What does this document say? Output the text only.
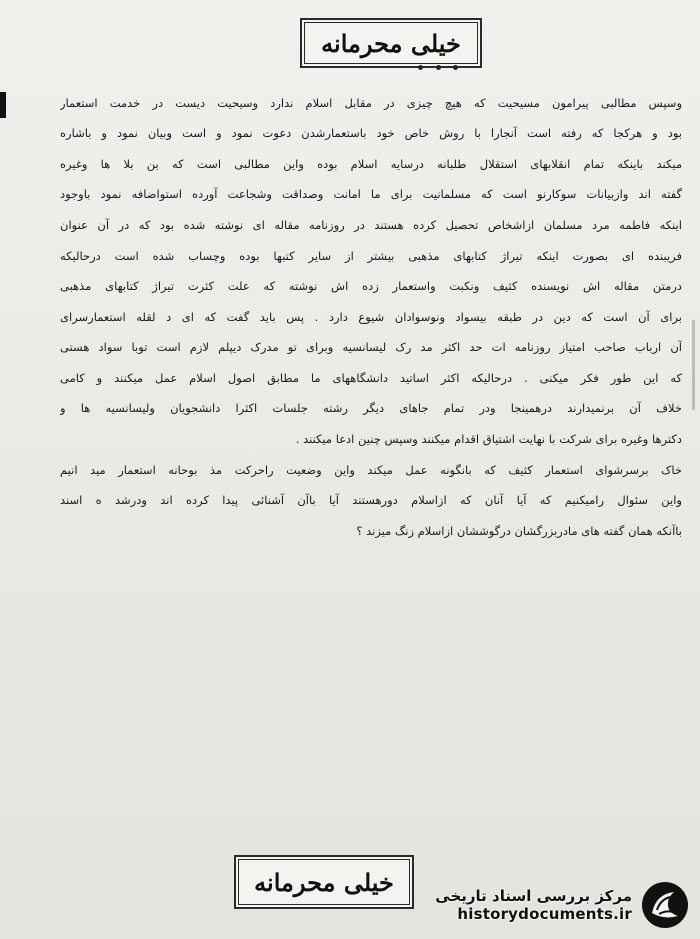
خیلی محرمانه
وسپس مطالبی پیرامون مسیحیت که هیچ چیزی در مقابل اسلام ندارد وسیحیت دیست در خدمت استعمار
بود و هرکجا که رفته است آنجارا با روش خاص خود باستعمارشدن دعوت نمود و است وبیان نمود و باشاره
میکند باینکه تمام انقلابهای استقلال طلبانه درسایه اسلام بوده واین مطالبی است که بن بلا ها وغیره
گفته اند وازبیانات سوکارنو است که مسلمانیت برای ما امانت وصداقت وشجاعت آورده استواضافه نمود باوجود
اینکه فاطمه مرد مسلمان ازاشخاص تحصیل کرده هستند در روزنامه مقاله ای نوشته شده بود که در آن عنوان
فریبنده ای بصورت اینکه تیراژ کتابهای مذهبی بیشتر از سایر کتبها بوده وچساب شده است درحالیکه
درمتن مقاله اش نویسنده کثیف ونکبت واستعمار زده اش نوشته که علت کثرت تیراژ کتابهای مذهبی
برای آن است که دین در طبقه بیسواد ونوسوادان شیوع دارد . پس باید گفت که ای د لقله استعمارسرای
آن ارباب صاحب امتیاز روزنامه ات حد اکثر مد رک لیسانسیه وبرای تو مدرک دیپلم لازم است توبا سواد هستی
که این طور فکر میکنی . درحالیکه اکثر اساتید دانشگاههای ما مطابق اصول اسلام عمل میکنند و کامی
خلاف آن برنمیدارند درهمینجا ودر تمام جاهای دیگر رشته جلسات اکثرا دانشجویان ولیسانسیه ها و
دکترها وغیره برای شرکت با نهایت اشتیاق اقدام میکنند وسپس چنین ادعا میکنند .
خاک برسرشوای استعمار کثیف که بانگونه عمل میکند واین وضعیت راحرکت مذ بوحانه استعمار مید انیم
واین سئوال رامیکنیم که آیا آنان که ازاسلام دورهستند آیا باآن آشنائی پیدا کرده اند ودرشد ه اسند
باآنکه همان گفته های مادربزرگشان درگوششان ازاسلام زنگ میزند ؟
خیلی محرمانه	مرکز بررسی اسناد تاریخی
historydocuments.ir
